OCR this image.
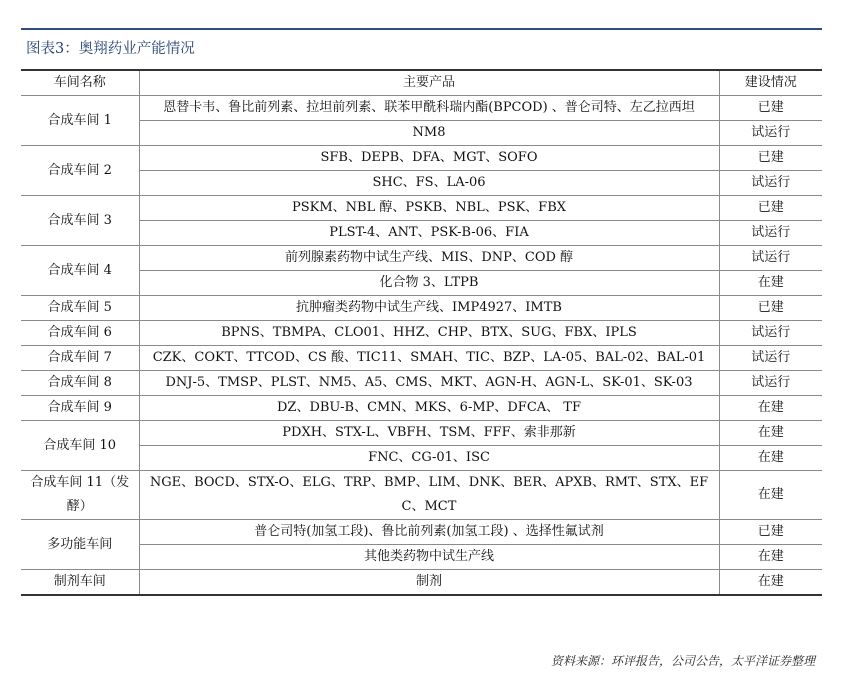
图表3：奥翔药业产能情况
车间名称	主要产品	建设情况
合成车间 1	恩替卡韦、鲁比前列素、拉坦前列素、联苯甲酰科瑞内酯(BPCOD) 、普仑司特、左乙拉西坦	已建
	NM8	试运行
合成车间 2	SFB、DEPB、DFA、MGT、SOFO	已建
	SHC、FS、LA-06	试运行
合成车间 3	PSKM、NBL 醇、PSKB、NBL、PSK、FBX	已建
	PLST-4、ANT、PSK-B-06、FIA	试运行
合成车间 4	前列腺素药物中试生产线、MIS、DNP、COD 醇	试运行
	化合物 3、LTPB	在建
合成车间 5	抗肿瘤类药物中试生产线、IMP4927、IMTB	已建
合成车间 6	BPNS、TBMPA、CLO01、HHZ、CHP、BTX、SUG、FBX、IPLS	试运行
合成车间 7	CZK、COKT、TTCOD、CS 酸、TIC11、SMAH、TIC、BZP、LA-05、BAL-02、BAL-01	试运行
合成车间 8	DNJ-5、TMSP、PLST、NM5、A5、CMS、MKT、AGN-H、AGN-L、SK-01、SK-03	试运行
合成车间 9	DZ、DBU-B、CMN、MKS、6-MP、DFCA、 TF	在建
合成车间 10	PDXH、STX-L、VBFH、TSM、FFF、索非那新	在建
	FNC、CG-01、ISC	在建
合成车间 11（发酵）	NGE、BOCD、STX-O、ELG、TRP、BMP、LIM、DNK、BER、APXB、RMT、STX、EFC、MCT	在建
多功能车间	普仑司特(加氢工段)、鲁比前列素(加氢工段) 、选择性氟试剂	已建
	其他类药物中试生产线	在建
制剂车间	制剂	在建
资料来源：环评报告，公司公告，太平洋证券整理
